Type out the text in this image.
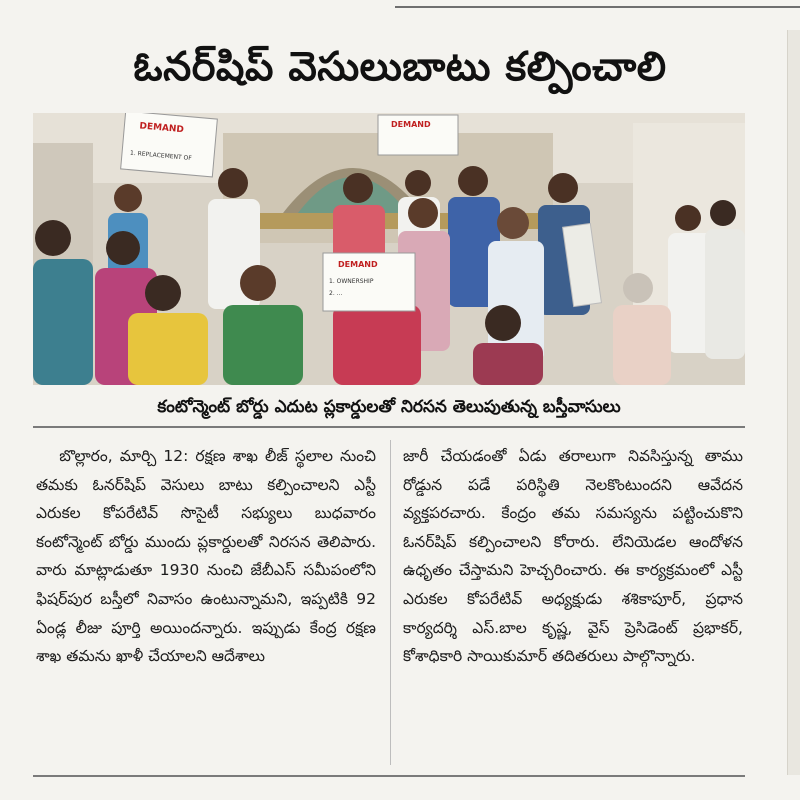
ఓనర్‌షిప్ వెసులుబాటు కల్పించాలి
DEMAND
1. REPLACEMENT OF
DEMAND
DEMAND
1. OWNERSHIP
2. ...
కంటోన్మెంట్ బోర్డు ఎదుట ప్లకార్డులతో నిరసన తెలుపుతున్న బస్తీవాసులు

బొల్లారం, మార్చి 12: రక్షణ శాఖ లీజ్ స్థలాల నుంచి తమకు ఓనర్‌షిప్ వెసులు బాటు కల్పించాలని ఎస్టీ ఎరుకల కోపరేటివ్ సొసైటీ సభ్యులు బుధవారం కంటోన్మెంట్ బోర్డు ముందు ప్లకార్డులతో నిరసన తెలిపారు. వారు మాట్లాడుతూ 1930 నుంచి జేబీఎస్ సమీపంలోని ఫిషర్‌పుర బస్తీలో నివాసం ఉంటున్నామని, ఇప్పటికి 92 ఏండ్ల లీజు పూర్తి అయిందన్నారు. ఇప్పుడు కేంద్ర రక్షణ శాఖ తమను ఖాళీ చేయాలని ఆదేశాలు

జారీ చేయడంతో ఏడు తరాలుగా నివసిస్తున్న తాము రోడ్డున పడే పరిస్థితి నెలకొంటుందని ఆవేదన వ్యక్తపరచారు. కేంద్రం తమ సమస్యను పట్టించుకొని ఓనర్‌షిప్ కల్పించాలని కోరారు. లేనియెడల ఆందోళన ఉధృతం చేస్తామని హెచ్చరించారు. ఈ కార్యక్రమంలో ఎస్టీ ఎరుకల కోపరేటివ్ అధ్యక్షుడు శశికాపూర్, ప్రధాన కార్యదర్శి ఎస్.బాల కృష్ణ, వైస్ ప్రెసిడెంట్ ప్రభాకర్, కోశాధికారి సాయికుమార్ తదితరులు పాల్గొన్నారు.
